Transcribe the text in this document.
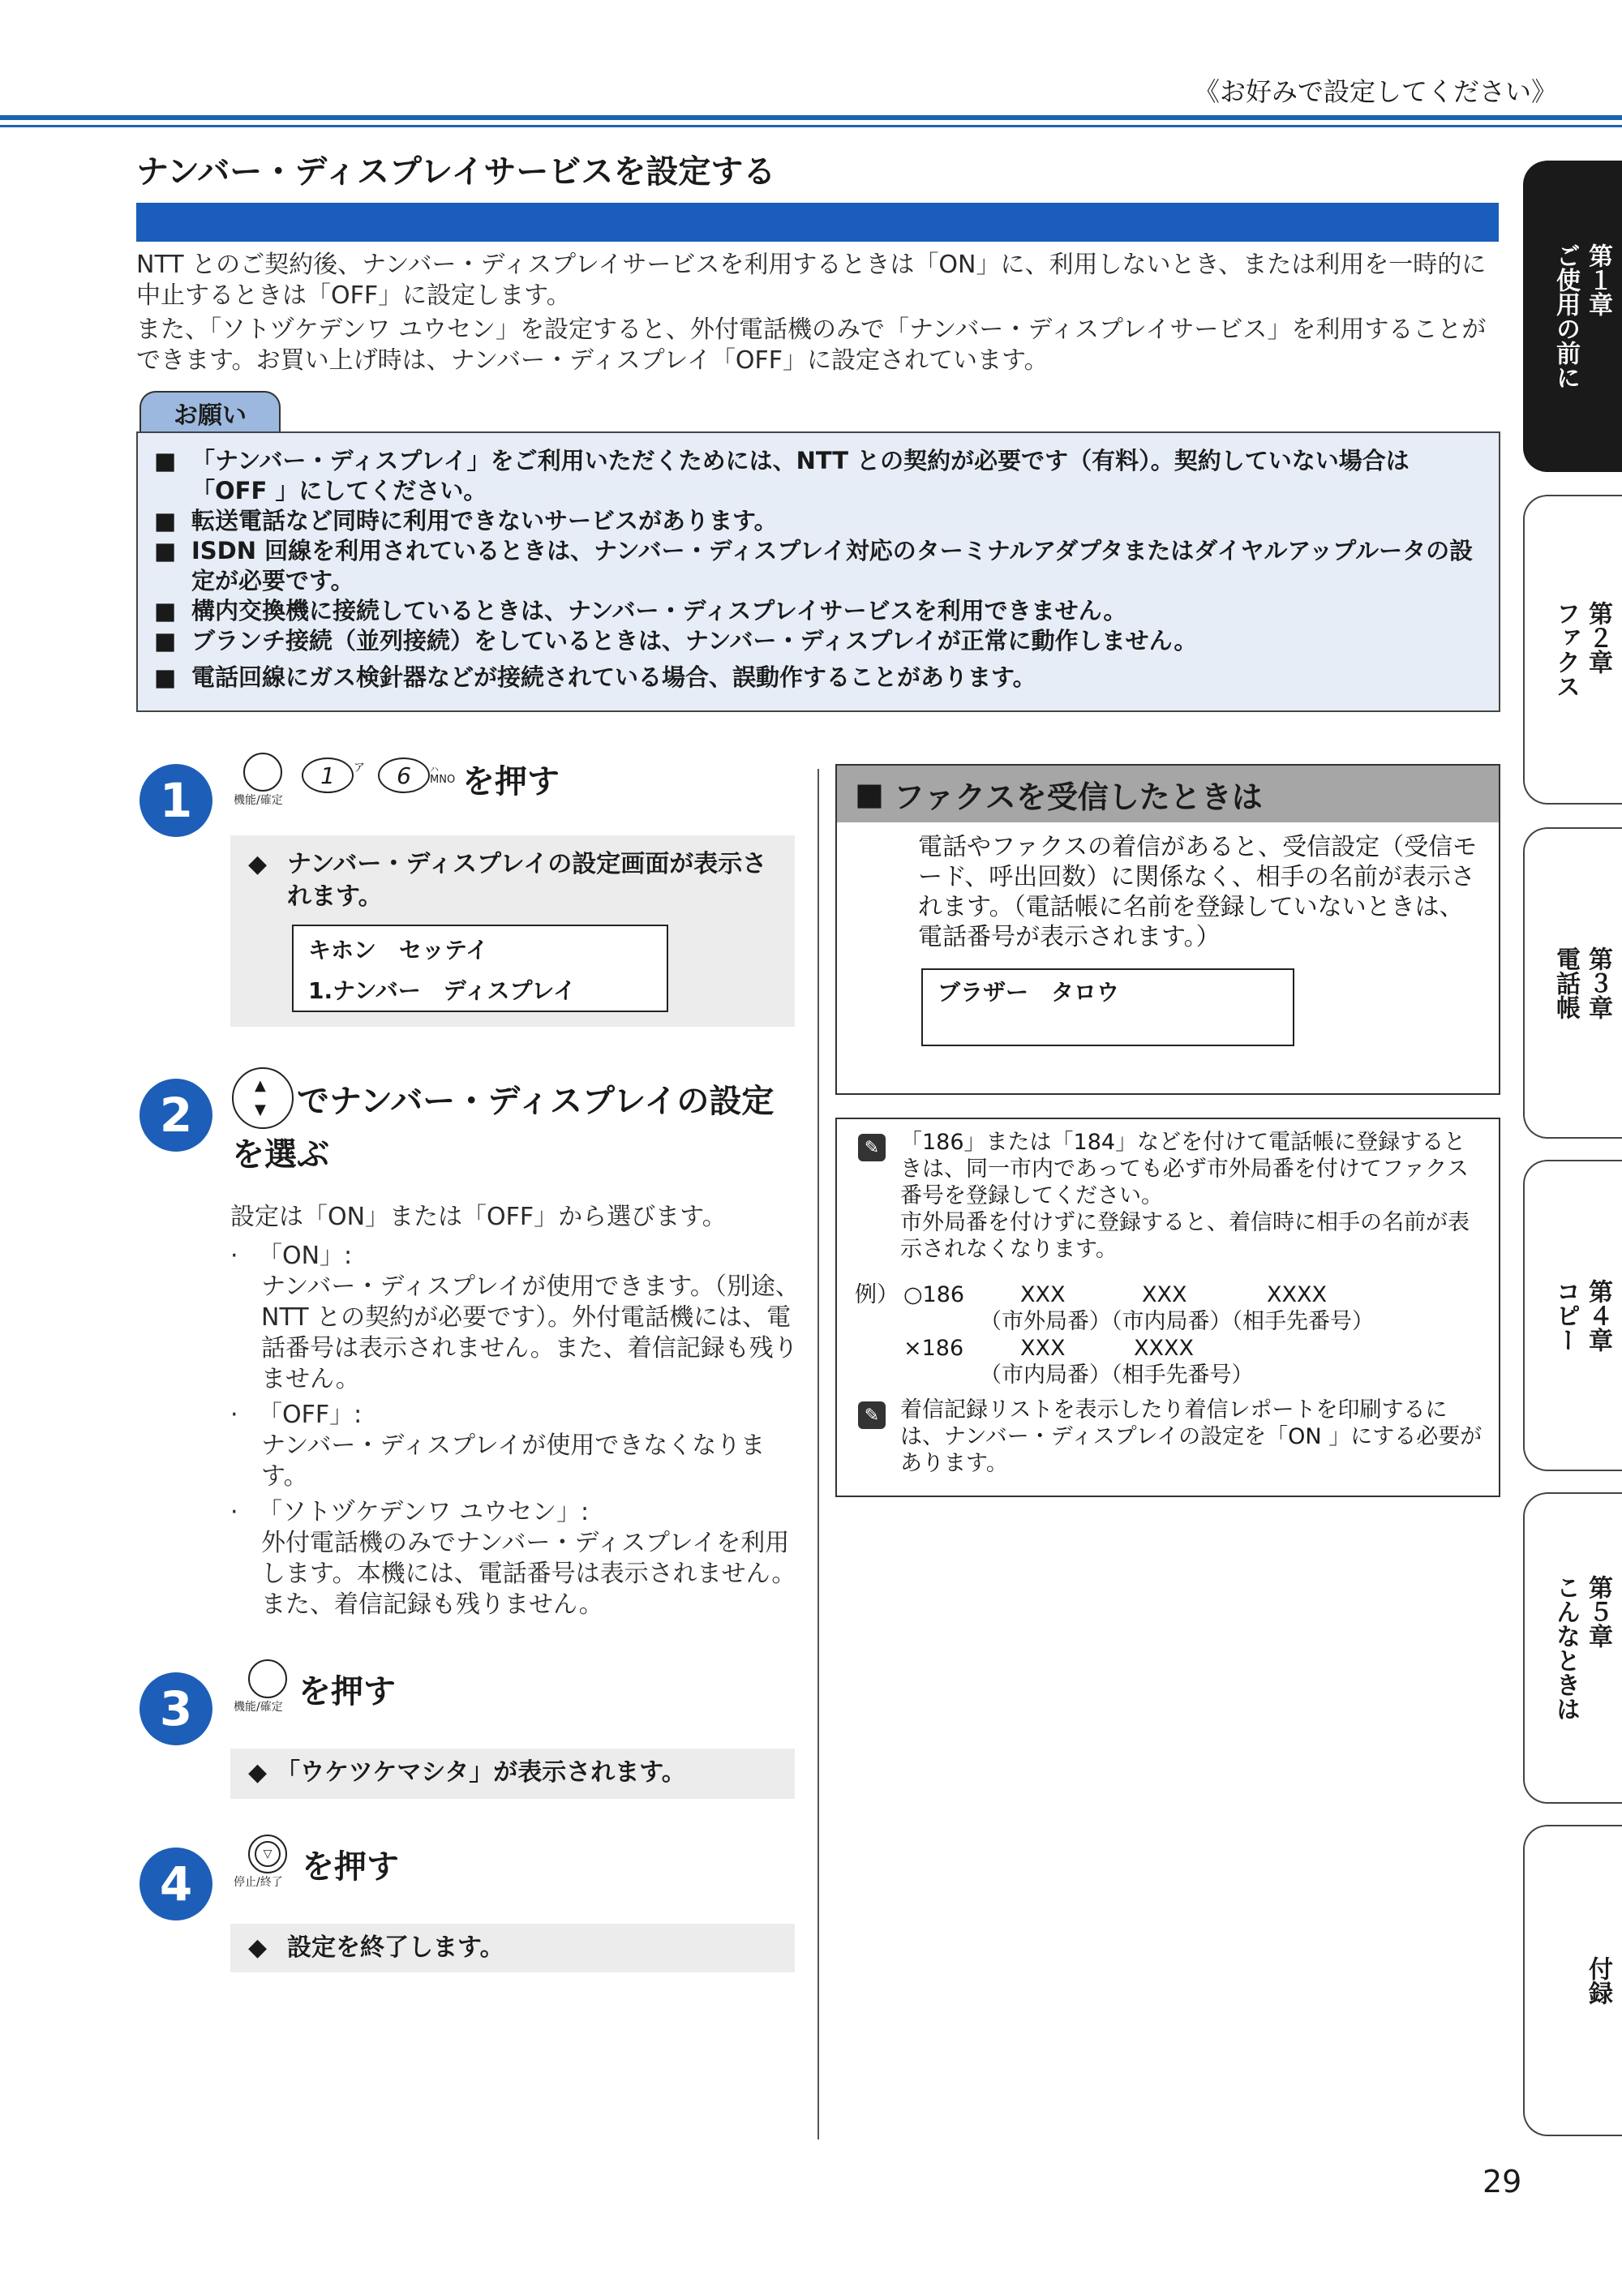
《お好みで設定してください》
ナンバー・ディスプレイサービスを設定する

NTT とのご契約後、ナンバー・ディスプレイサービスを利用するときは「ON」に、利用しないとき、または利用を一時的に中止するときは「OFF」に設定します。

また、「ソトヅケデンワ ユウセン」を設定すると、外付電話機のみで「ナンバー・ディスプレイサービス」を利用することができます。お買い上げ時は、ナンバー・ディスプレイ「OFF」に設定されています。

お願い
■ 「ナンバー・ディスプレイ」をご利用いただくためには、NTT との契約が必要です（有料）。契約していない場合は「OFF 」にしてください。
■ 転送電話など同時に利用できないサービスがあります。
■ ISDN 回線を利用されているときは、ナンバー・ディスプレイ対応のターミナルアダプタまたはダイヤルアップルータの設定が必要です。
■ 構内交換機に接続しているときは、ナンバー・ディスプレイサービスを利用できません。
■ ブランチ接続（並列接続）をしているときは、ナンバー・ディスプレイが正常に動作しません。
■ 電話回線にガス検針器などが接続されている場合、誤動作することがあります。
1	機能/確定
1 ア 6 ハ
MNO を押す
◆ ナンバー・ディスプレイの設定画面が表示されます。
キホン　セッテイ
1.ナンバー　ディスプレイ
2
▲
▼ でナンバー・ディスプレイの設定
を選ぶ
設定は「ON」または「OFF」から選びます。
· 「ON」:
ナンバー・ディスプレイが使用できます。（別途、NTT との契約が必要です）。外付電話機には、電話番号は表示されません。また、着信記録も残りません。
· 「OFF」:
ナンバー・ディスプレイが使用できなくなります。
· 「ソトヅケデンワ ユウセン」:
外付電話機のみでナンバー・ディスプレイを利用します。本機には、電話番号は表示されません。また、着信記録も残りません。
3	機能/確定 を押す
◆ 「ウケツケマシタ」が表示されます。
4
▽
停止/終了 を押す
◆ 設定を終了します。
■ ファクスを受信したときは
電話やファクスの着信があると、受信設定（受信モード、呼出回数）に関係なく、相手の名前が表示されます。（電話帳に名前を登録していないときは、電話番号が表示されます。）
ブラザー　タロウ
✎ 「186」または「184」などを付けて電話帳に登録するときは、同一市内であっても必ず市外局番を付けてファクス番号を登録してください。
市外局番を付けずに登録すると、着信時に相手の名前が表示されなくなります。
例） ○186	XXX	XXX	XXXX
（市外局番）（市内局番）（相手先番号）
×186	XXX	XXXX
（市内局番）（相手先番号）
✎ 着信記録リストを表示したり着信レポートを印刷するには、ナンバー・ディスプレイの設定を「ON 」にする必要があります。
第１章
ご使用の前に
第２章
ファクス
第３章
電話帳
第４章
コピー
第５章
こんなときは
付録
29
